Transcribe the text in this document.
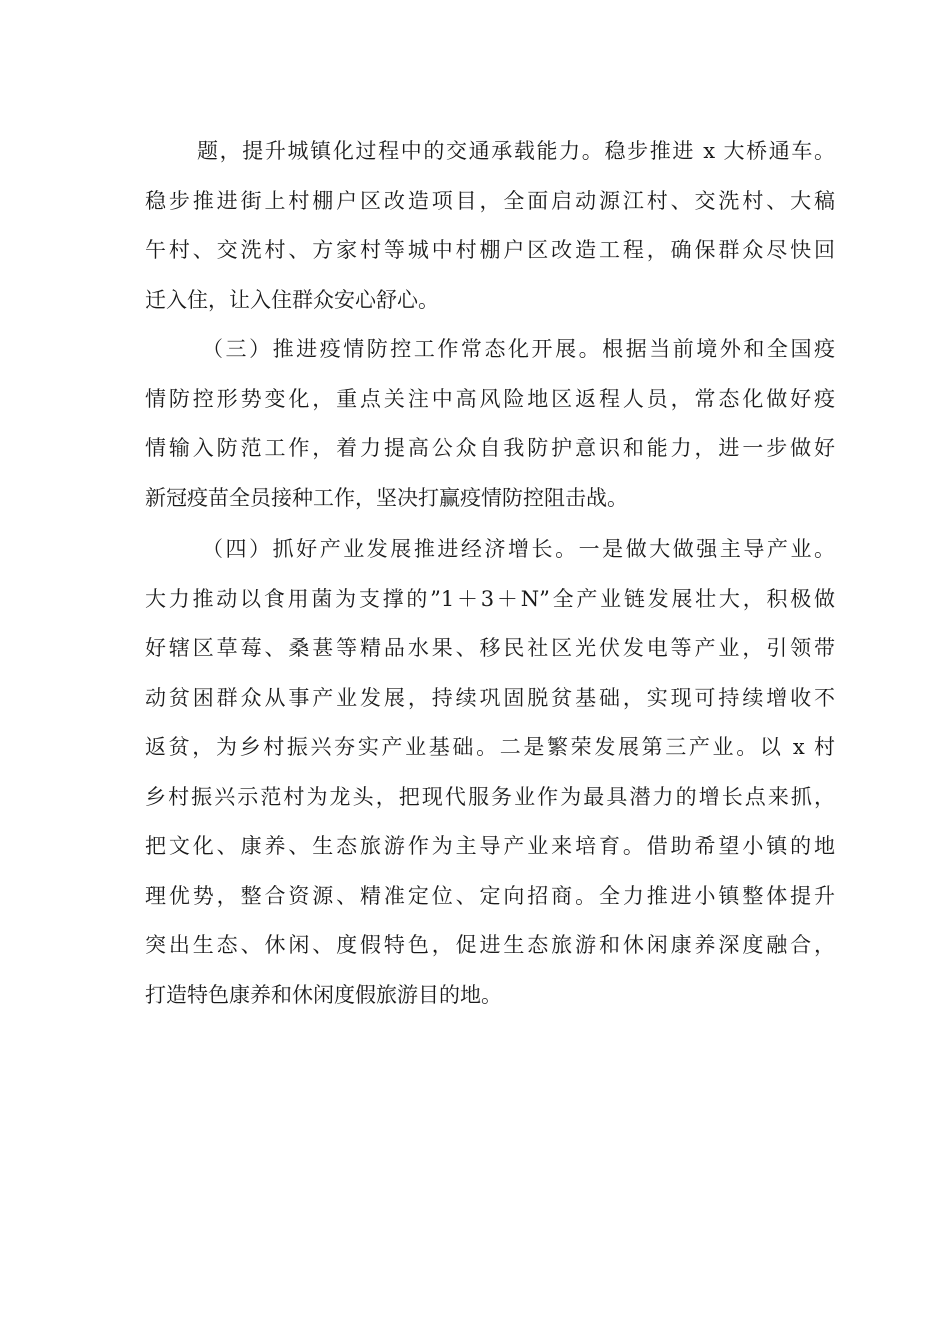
题，提升城镇化过程中的交通承载能力。稳步推进 x 大桥通车。
稳步推进街上村棚户区改造项目，全面启动源江村、交洗村、大稿
午村、交洗村、方家村等城中村棚户区改造工程，确保群众尽快回
迁入住，让入住群众安心舒心。
（三）推进疫情防控工作常态化开展。根据当前境外和全国疫
情防控形势变化，重点关注中高风险地区返程人员，常态化做好疫
情输入防范工作，着力提高公众自我防护意识和能力，进一步做好
新冠疫苗全员接种工作，坚决打赢疫情防控阻击战。
（四）抓好产业发展推进经济增长。一是做大做强主导产业。
大力推动以食用菌为支撑的”1＋3＋N”全产业链发展壮大，积极做
好辖区草莓、桑葚等精品水果、移民社区光伏发电等产业，引领带
动贫困群众从事产业发展，持续巩固脱贫基础，实现可持续增收不
返贫，为乡村振兴夯实产业基础。二是繁荣发展第三产业。以 x 村
乡村振兴示范村为龙头，把现代服务业作为最具潜力的增长点来抓，
把文化、康养、生态旅游作为主导产业来培育。借助希望小镇的地
理优势，整合资源、精准定位、定向招商。全力推进小镇整体提升
突出生态、休闲、度假特色，促进生态旅游和休闲康养深度融合，
打造特色康养和休闲度假旅游目的地。
